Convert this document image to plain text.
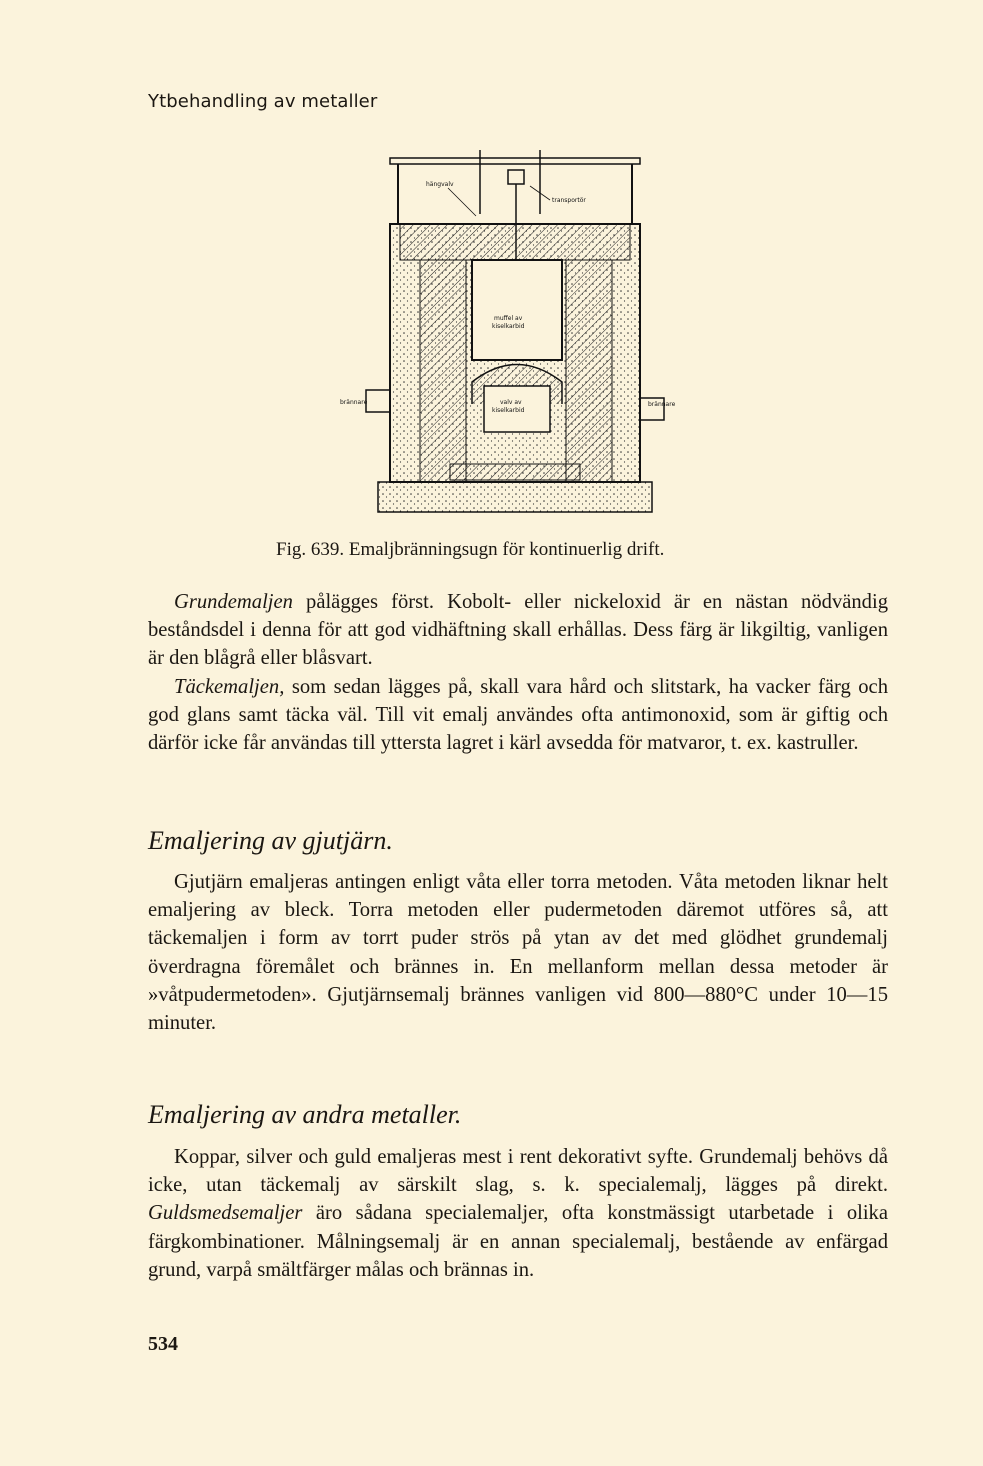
Ytbehandling av metaller
hängvalv
transportör
muffel av
kiselkarbid
valv av
kiselkarbid
brännare	brännare
Fig. 639. Emaljbränningsugn för kontinuerlig drift.

Grundemaljen pålägges först. Kobolt- eller nickeloxid är en nästan nödvändig beståndsdel i denna för att god vidhäftning skall erhållas. Dess färg är likgiltig, vanligen är den blågrå eller blåsvart.

Täckemaljen, som sedan lägges på, skall vara hård och slitstark, ha vacker färg och god glans samt täcka väl. Till vit emalj användes ofta antimonoxid, som är giftig och därför icke får användas till yttersta lagret i kärl avsedda för matvaror, t. ex. kastruller.

Emaljering av gjutjärn.

Gjutjärn emaljeras antingen enligt våta eller torra metoden. Våta metoden liknar helt emaljering av bleck. Torra metoden eller pudermetoden däremot utföres så, att täckemaljen i form av torrt puder strös på ytan av det med glödhet grundemalj överdragna föremålet och brännes in. En mellanform mellan dessa metoder är »våtpudermetoden». Gjutjärnsemalj brännes vanligen vid 800—880°C under 10—15 minuter.

Emaljering av andra metaller.

Koppar, silver och guld emaljeras mest i rent dekorativt syfte. Grundemalj behövs då icke, utan täckemalj av särskilt slag, s. k. specialemalj, lägges på direkt. Guldsmedsemaljer äro sådana specialemaljer, ofta konstmässigt utarbetade i olika färgkombinationer. Målningsemalj är en annan specialemalj, bestående av enfärgad grund, varpå smältfärger målas och brännas in.

534
